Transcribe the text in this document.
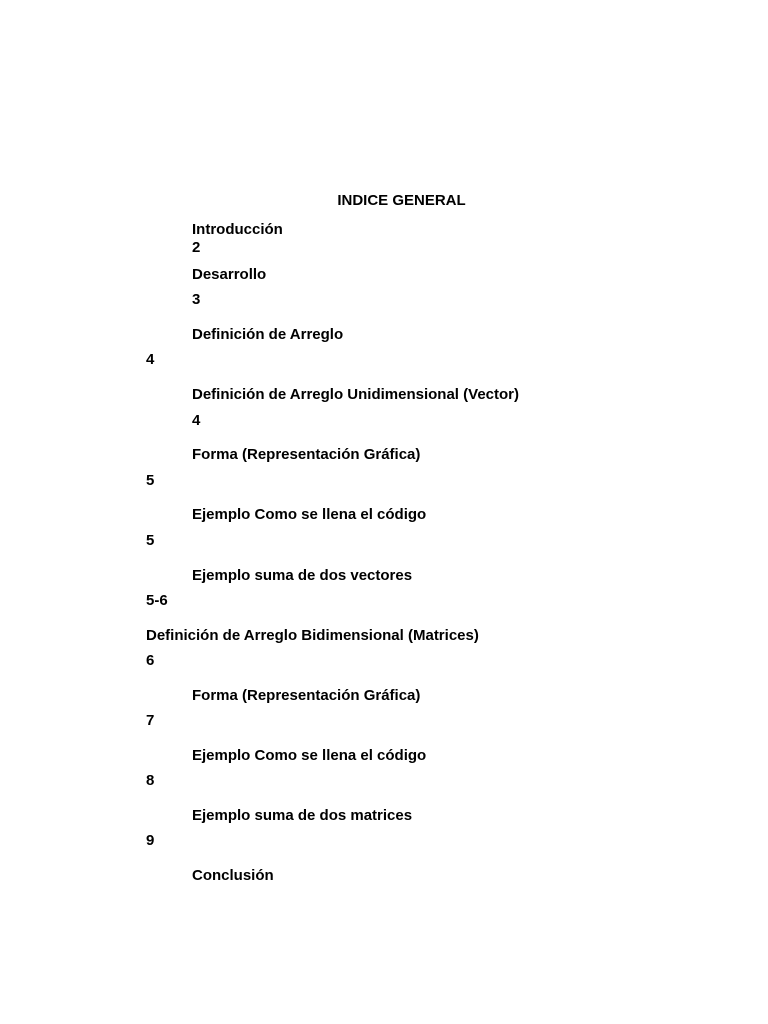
INDICE GENERAL
Introducción
2
Desarrollo
3
Definición de Arreglo
4
Definición de Arreglo Unidimensional (Vector)
4
Forma (Representación Gráfica)
5
Ejemplo Como se llena el código
5
Ejemplo suma de dos vectores
5-6
Definición de Arreglo Bidimensional (Matrices)
6
Forma (Representación Gráfica)
7
Ejemplo Como se llena el código
8
Ejemplo suma de dos matrices
9
Conclusión
